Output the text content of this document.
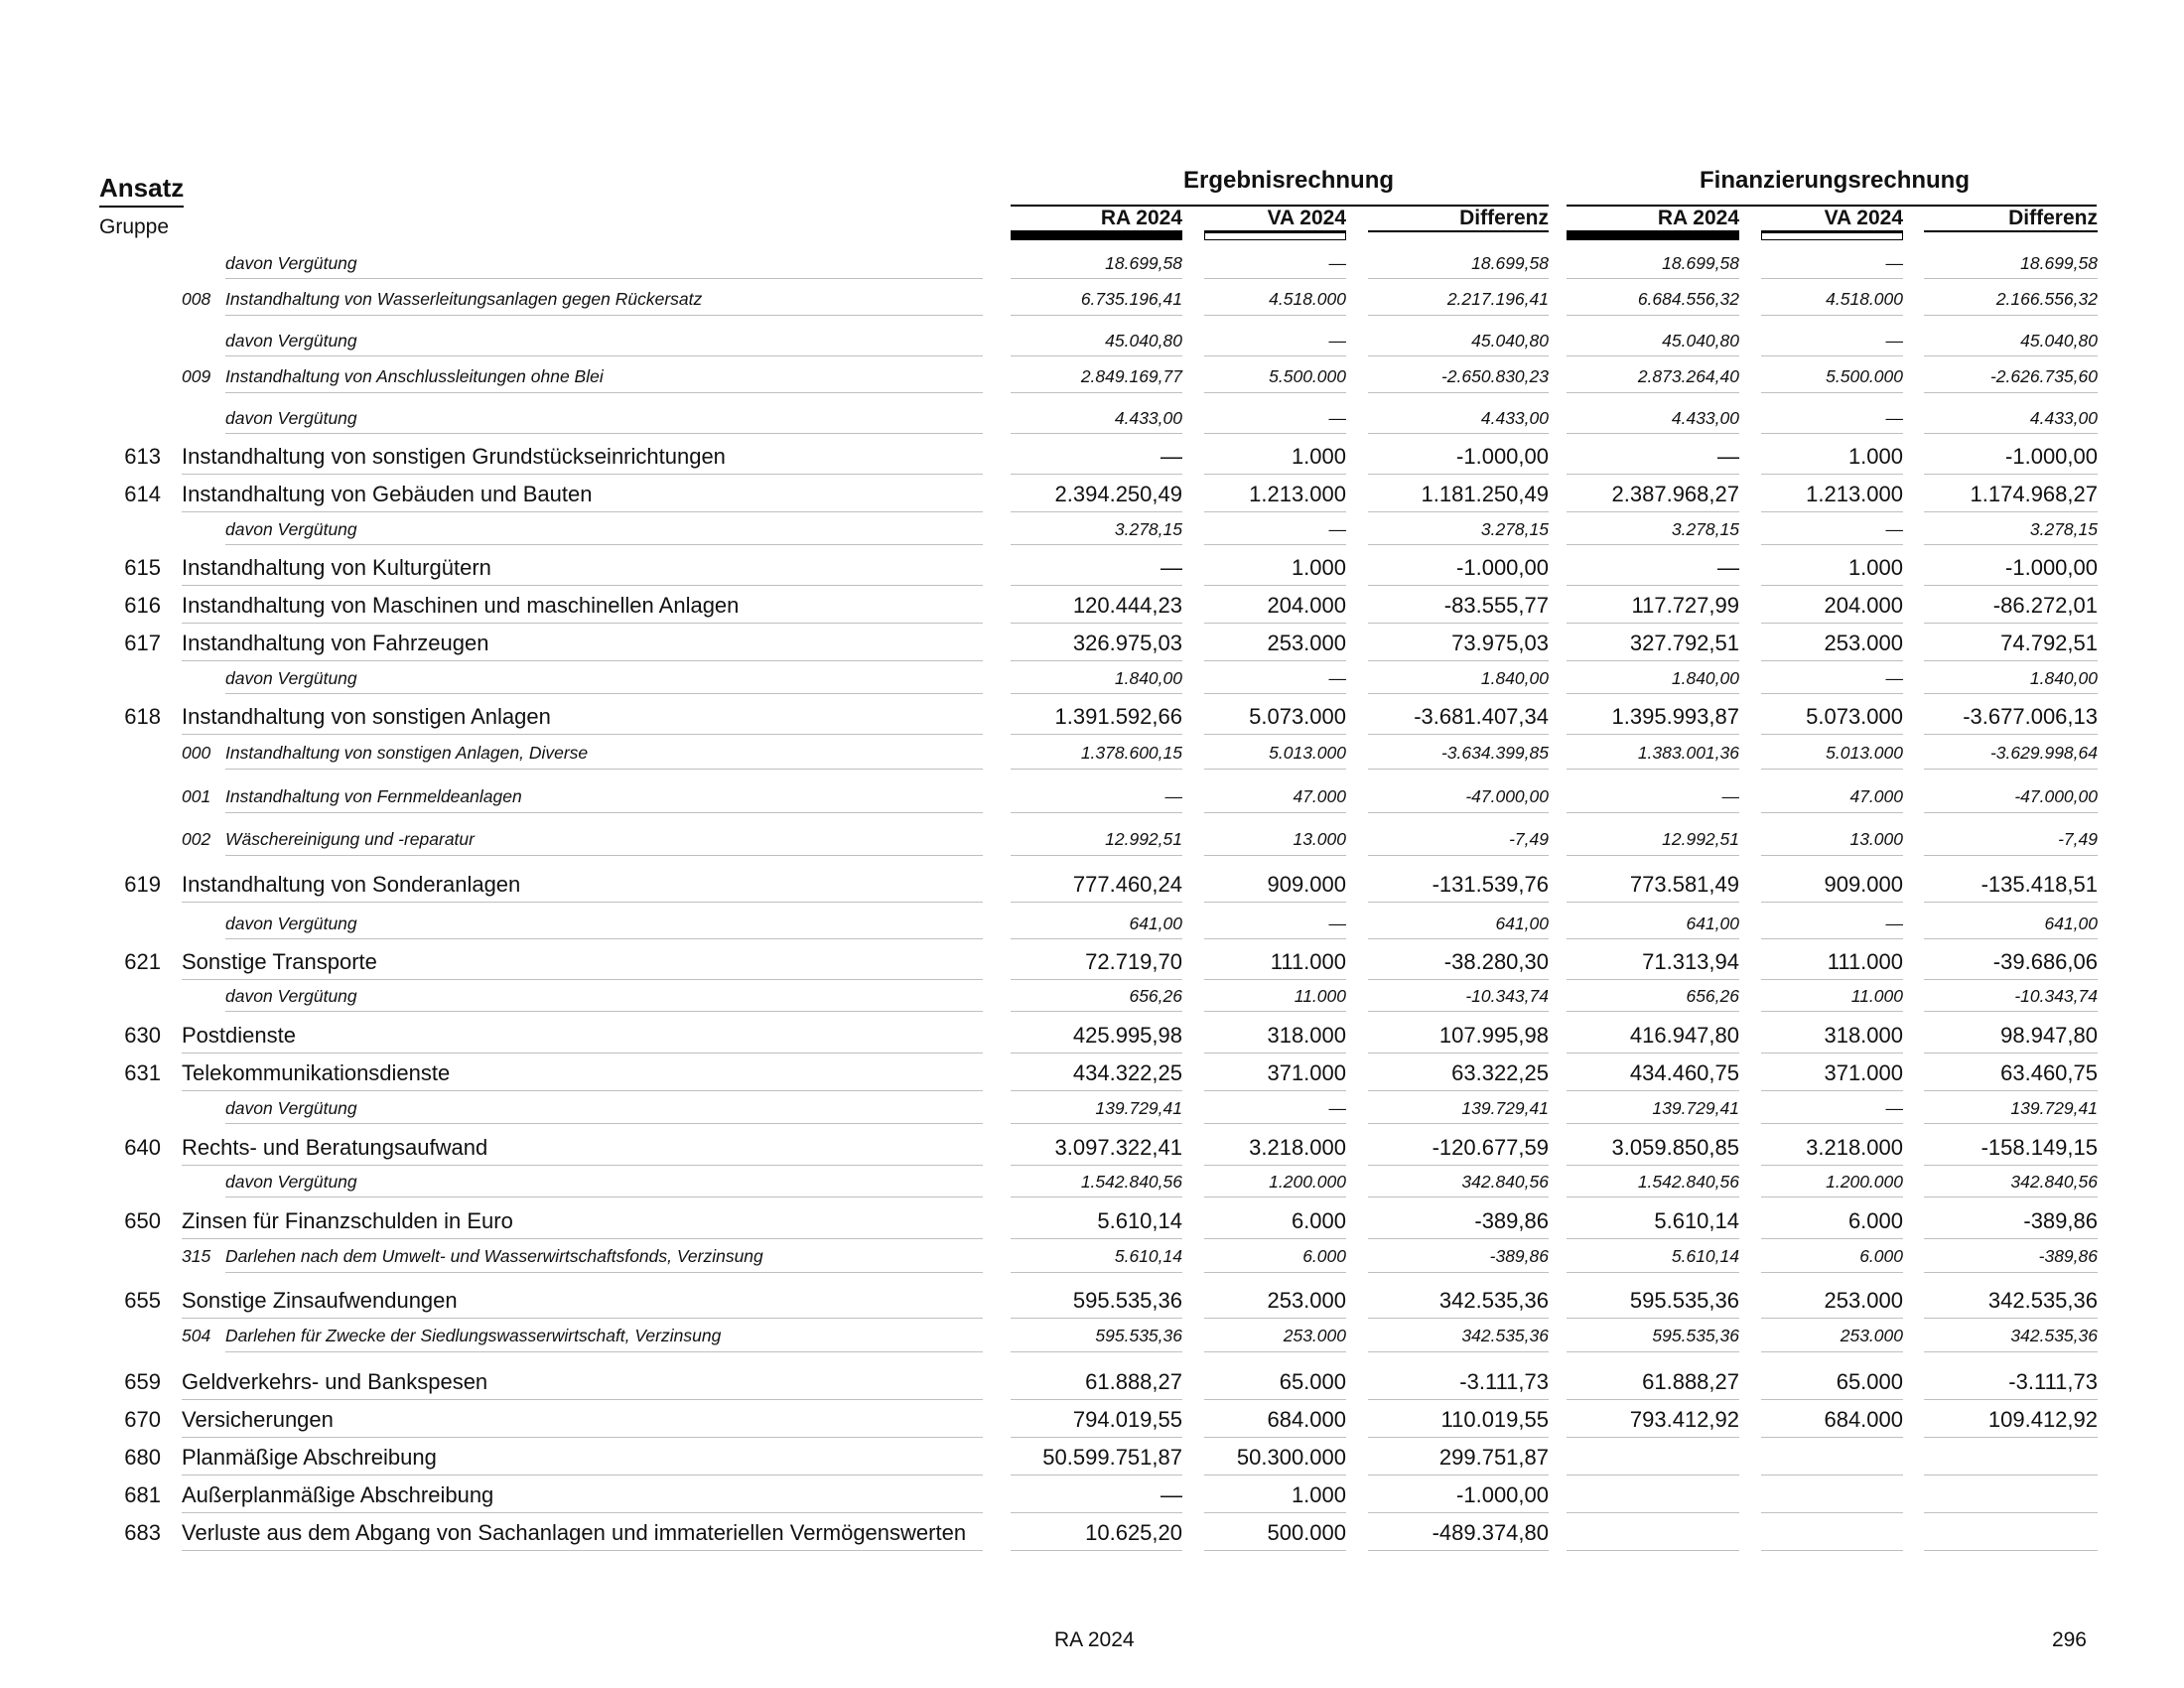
Ansatz
Gruppe
Ergebnisrechnung	Finanzierungsrechnung
RA 2024	VA 2024	Differenz	RA 2024	VA 2024	Differenz
davon Vergütung	18.699,58	—	18.699,58	18.699,58	—	18.699,58
008 Instandhaltung von Wasserleitungsanlagen gegen Rückersatz	6.735.196,41	4.518.000	2.217.196,41	6.684.556,32	4.518.000	2.166.556,32
davon Vergütung	45.040,80	—	45.040,80	45.040,80	—	45.040,80
009 Instandhaltung von Anschlussleitungen ohne Blei	2.849.169,77	5.500.000	-2.650.830,23	2.873.264,40	5.500.000	-2.626.735,60
davon Vergütung	4.433,00	—	4.433,00	4.433,00	—	4.433,00
613 Instandhaltung von sonstigen Grundstückseinrichtungen	—	1.000	-1.000,00	—	1.000	-1.000,00
614 Instandhaltung von Gebäuden und Bauten	2.394.250,49	1.213.000	1.181.250,49	2.387.968,27	1.213.000	1.174.968,27
davon Vergütung	3.278,15	—	3.278,15	3.278,15	—	3.278,15
615 Instandhaltung von Kulturgütern	—	1.000	-1.000,00	—	1.000	-1.000,00
616 Instandhaltung von Maschinen und maschinellen Anlagen	120.444,23	204.000	-83.555,77	117.727,99	204.000	-86.272,01
617 Instandhaltung von Fahrzeugen	326.975,03	253.000	73.975,03	327.792,51	253.000	74.792,51
davon Vergütung	1.840,00	—	1.840,00	1.840,00	—	1.840,00
618 Instandhaltung von sonstigen Anlagen	1.391.592,66	5.073.000	-3.681.407,34	1.395.993,87	5.073.000	-3.677.006,13
000 Instandhaltung von sonstigen Anlagen, Diverse	1.378.600,15	5.013.000	-3.634.399,85	1.383.001,36	5.013.000	-3.629.998,64
001 Instandhaltung von Fernmeldeanlagen	—	47.000	-47.000,00	—	47.000	-47.000,00
002 Wäschereinigung und -reparatur	12.992,51	13.000	-7,49	12.992,51	13.000	-7,49
619 Instandhaltung von Sonderanlagen	777.460,24	909.000	-131.539,76	773.581,49	909.000	-135.418,51
davon Vergütung	641,00	—	641,00	641,00	—	641,00
621 Sonstige Transporte	72.719,70	111.000	-38.280,30	71.313,94	111.000	-39.686,06
davon Vergütung	656,26	11.000	-10.343,74	656,26	11.000	-10.343,74
630 Postdienste	425.995,98	318.000	107.995,98	416.947,80	318.000	98.947,80
631 Telekommunikationsdienste	434.322,25	371.000	63.322,25	434.460,75	371.000	63.460,75
davon Vergütung	139.729,41	—	139.729,41	139.729,41	—	139.729,41
640 Rechts- und Beratungsaufwand	3.097.322,41	3.218.000	-120.677,59	3.059.850,85	3.218.000	-158.149,15
davon Vergütung	1.542.840,56	1.200.000	342.840,56	1.542.840,56	1.200.000	342.840,56
650 Zinsen für Finanzschulden in Euro	5.610,14	6.000	-389,86	5.610,14	6.000	-389,86
315 Darlehen nach dem Umwelt- und Wasserwirtschaftsfonds, Verzinsung	5.610,14	6.000	-389,86	5.610,14	6.000	-389,86
655 Sonstige Zinsaufwendungen	595.535,36	253.000	342.535,36	595.535,36	253.000	342.535,36
504 Darlehen für Zwecke der Siedlungswasserwirtschaft, Verzinsung	595.535,36	253.000	342.535,36	595.535,36	253.000	342.535,36
659 Geldverkehrs- und Bankspesen	61.888,27	65.000	-3.111,73	61.888,27	65.000	-3.111,73
670 Versicherungen	794.019,55	684.000	110.019,55	793.412,92	684.000	109.412,92
680 Planmäßige Abschreibung	50.599.751,87	50.300.000	299.751,87
681 Außerplanmäßige Abschreibung	—	1.000	-1.000,00
683 Verluste aus dem Abgang von Sachanlagen und immateriellen Vermögenswerten	10.625,20	500.000	-489.374,80
RA 2024	296
